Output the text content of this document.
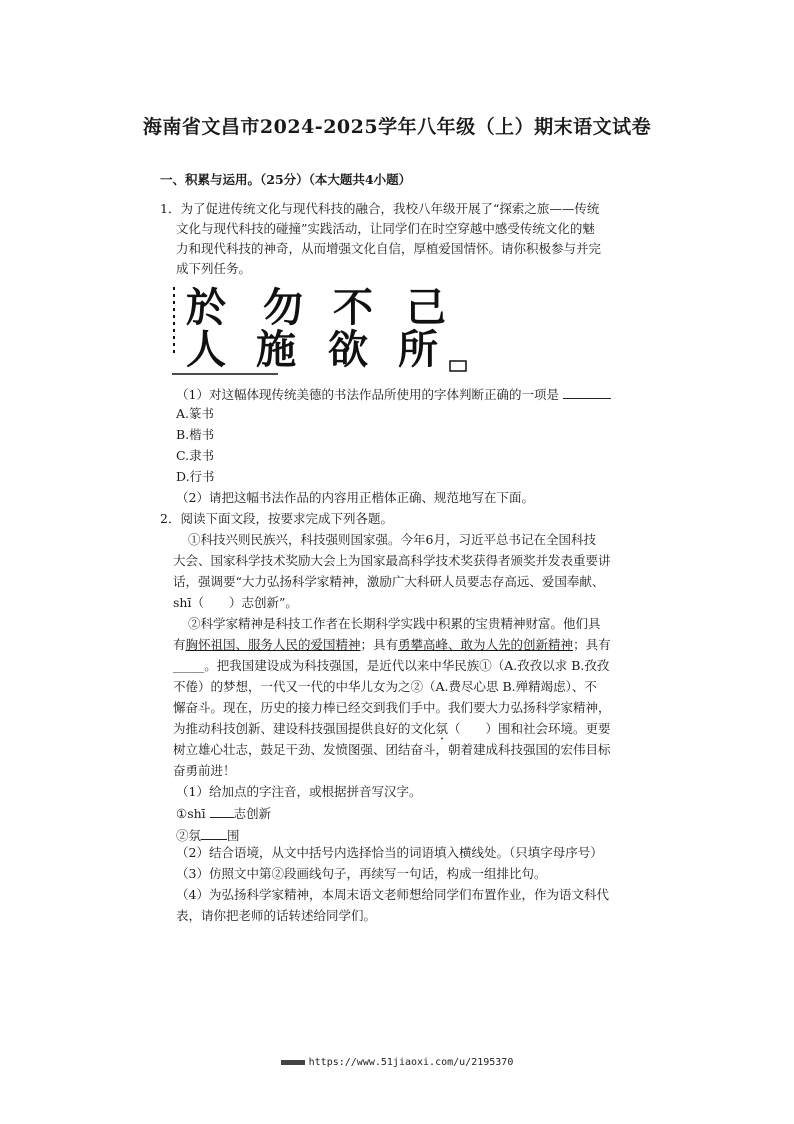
海南省文昌市2024-2025学年八年级（上）期末语文试卷
一、积累与运用。（25分）（本大题共4小题）
1．为了促进传统文化与现代科技的融合，我校八年级开展了“探索之旅——传统
文化与现代科技的碰撞”实践活动，让同学们在时空穿越中感受传统文化的魅
力和现代科技的神奇，从而增强文化自信，厚植爱国情怀。请你积极参与并完
成下列任务。
於 勿 不 己
人 施 欲 所
（1）对这幅体现传统美德的书法作品所使用的字体判断正确的一项是
A.篆书
B.楷书
C.隶书
D.行书
（2）请把这幅书法作品的内容用正楷体正确、规范地写在下面。
2．阅读下面文段，按要求完成下列各题。
①科技兴则民族兴，科技强则国家强。今年6月，习近平总书记在全国科技
大会、国家科学技术奖励大会上为国家最高科学技术奖获得者颁奖并发表重要讲
话，强调要“大力弘扬科学家精神，激励广大科研人员要志存高远、爱国奉献、
shī（　　）志创新”。
②科学家精神是科技工作者在长期科学实践中积累的宝贵精神财富。他们具
有胸怀祖国、服务人民的爱国精神；具有勇攀高峰、敢为人先的创新精神；具有
_____。把我国建设成为科技强国，是近代以来中华民族①（A.孜孜以求 B.孜孜
不倦）的梦想，一代又一代的中华儿女为之②（A.费尽心思 B.殚精竭虑）、不
懈奋斗。现在，历史的接力棒已经交到我们手中。我们要大力弘扬科学家精神，
为推动科技创新、建设科技强国提供良好的文化氛（　　）围和社会环境。更要
树立雄心壮志，鼓足干劲、发愤图强、团结奋斗，朝着建成科技强国的宏伟目标
奋勇前进！
（1）给加点的字注音，或根据拼音写汉字。
①shī 志创新
②氛 围
（2）结合语境，从文中括号内选择恰当的词语填入横线处。（只填字母序号）
（3）仿照文中第②段画线句子，再续写一句话，构成一组排比句。
（4）为弘扬科学家精神，本周末语文老师想给同学们布置作业，作为语文科代
表，请你把老师的话转述给同学们。
https://www.51jiaoxi.com/u/2195370
